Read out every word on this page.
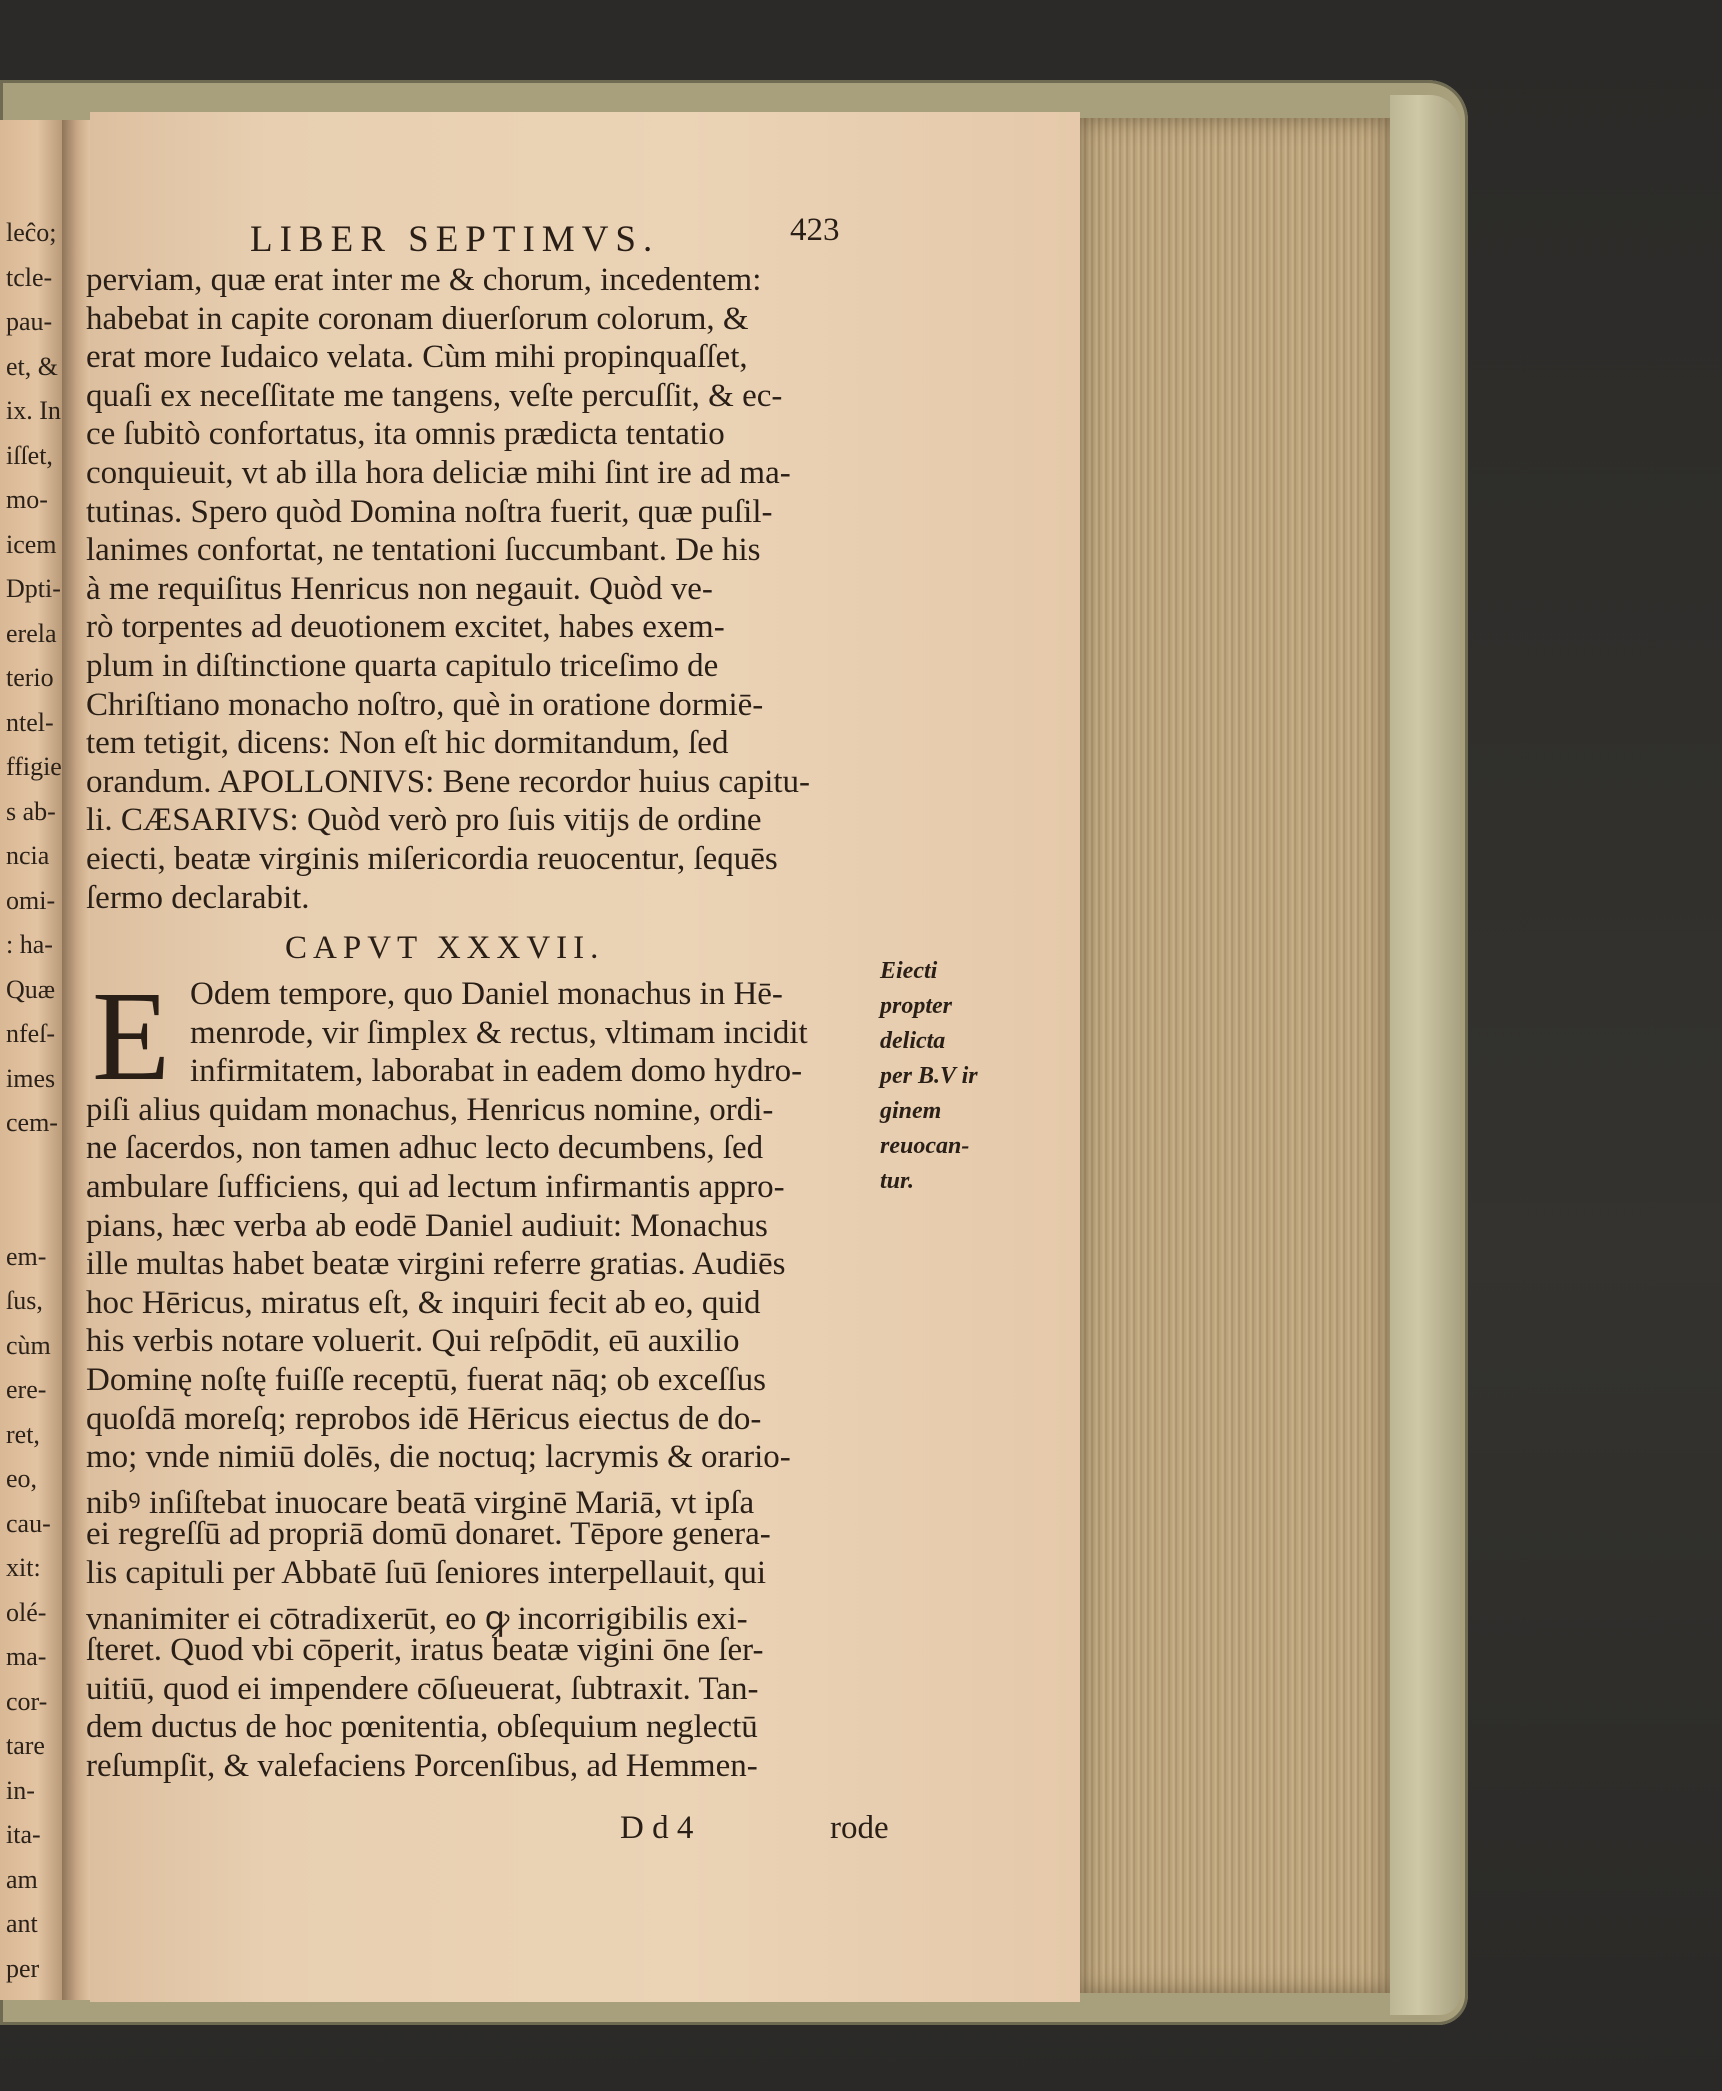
leĉo;
tcle-
pau-
et, &
ix. In
iſſet,
mo-
icem
Dpti-
erela
terio
ntel-
ffigie
s ab-
ncia
omi-
: ha-
Quæ
nfeſ-
imes
cem-
em-
ſus,
cùm
ere-
ret,
eo,
cau-
xit:
olé-
ma-
cor-
tare
in-
ita-
am
ant
per
LIBER SEPTIMVS.	423
perviam, quæ erat inter me & chorum, incedentem:
habebat in capite coronam diuerſorum colorum, &
erat more Iudaico velata. Cùm mihi propinquaſſet,
quaſi ex neceſſitate me tangens, veſte percuſſit, & ec-
ce ſubitò confortatus, ita omnis prædicta tentatio
conquieuit, vt ab illa hora deliciæ mihi ſint ire ad ma-
tutinas. Spero quòd Domina noſtra fuerit, quæ puſil-
lanimes confortat, ne tentationi ſuccumbant. De his
à me requiſitus Henricus non negauit. Quòd ve-
rò torpentes ad deuotionem excitet, habes exem-
plum in diſtinctione quarta capitulo triceſimo de
Chriſtiano monacho noſtro, què in oratione dormiē-
tem tetigit, dicens: Non eſt hic dormitandum, ſed
orandum. APOLLONIVS: Bene recordor huius capitu-
li. CÆSARIVS: Quòd verò pro ſuis vitijs de ordine
eiecti, beatæ virginis miſericordia reuocentur, ſequēs
ſermo declarabit.
CAPVT XXXVII.
E Odem tempore, quo Daniel monachus in Hē-
menrode, vir ſimplex & rectus, vltimam incidit
infirmitatem, laborabat in eadem domo hydro-
piſi alius quidam monachus, Henricus nomine, ordi-
ne ſacerdos, non tamen adhuc lecto decumbens, ſed
ambulare ſufficiens, qui ad lectum infirmantis appro-
pians, hæc verba ab eodē Daniel audiuit: Monachus
ille multas habet beatæ virgini referre gratias. Audiēs
hoc Hēricus, miratus eſt, & inquiri fecit ab eo, quid
his verbis notare voluerit. Qui reſpōdit, eū auxilio
Dominę noſtę fuiſſe receptū, fuerat nāq; ob exceſſus
quoſdā moreſq; reprobos idē Hēricus eiectus de do-
mo; vnde nimiū dolēs, die noctuq; lacrymis & orario-
nibꝰ inſiſtebat inuocare beatā virginē Mariā, vt ipſa
ei regreſſū ad propriā domū donaret. Tēpore genera-
lis capituli per Abbatē ſuū ſeniores interpellauit, qui
vnanimiter ei cōtradixerūt, eo ꝙ incorrigibilis exi-
ſteret. Quod vbi cōperit, iratus beatæ vigini ōne ſer-
uitiū, quod ei impendere cōſueuerat, ſubtraxit. Tan-
dem ductus de hoc pœnitentia, obſequium neglectū
reſumpſit, & valefaciens Porcenſibus, ad Hemmen-
Eiecti
propter
delicta
per B.V ir
ginem
reuocan-
tur.
D d 4	rode
